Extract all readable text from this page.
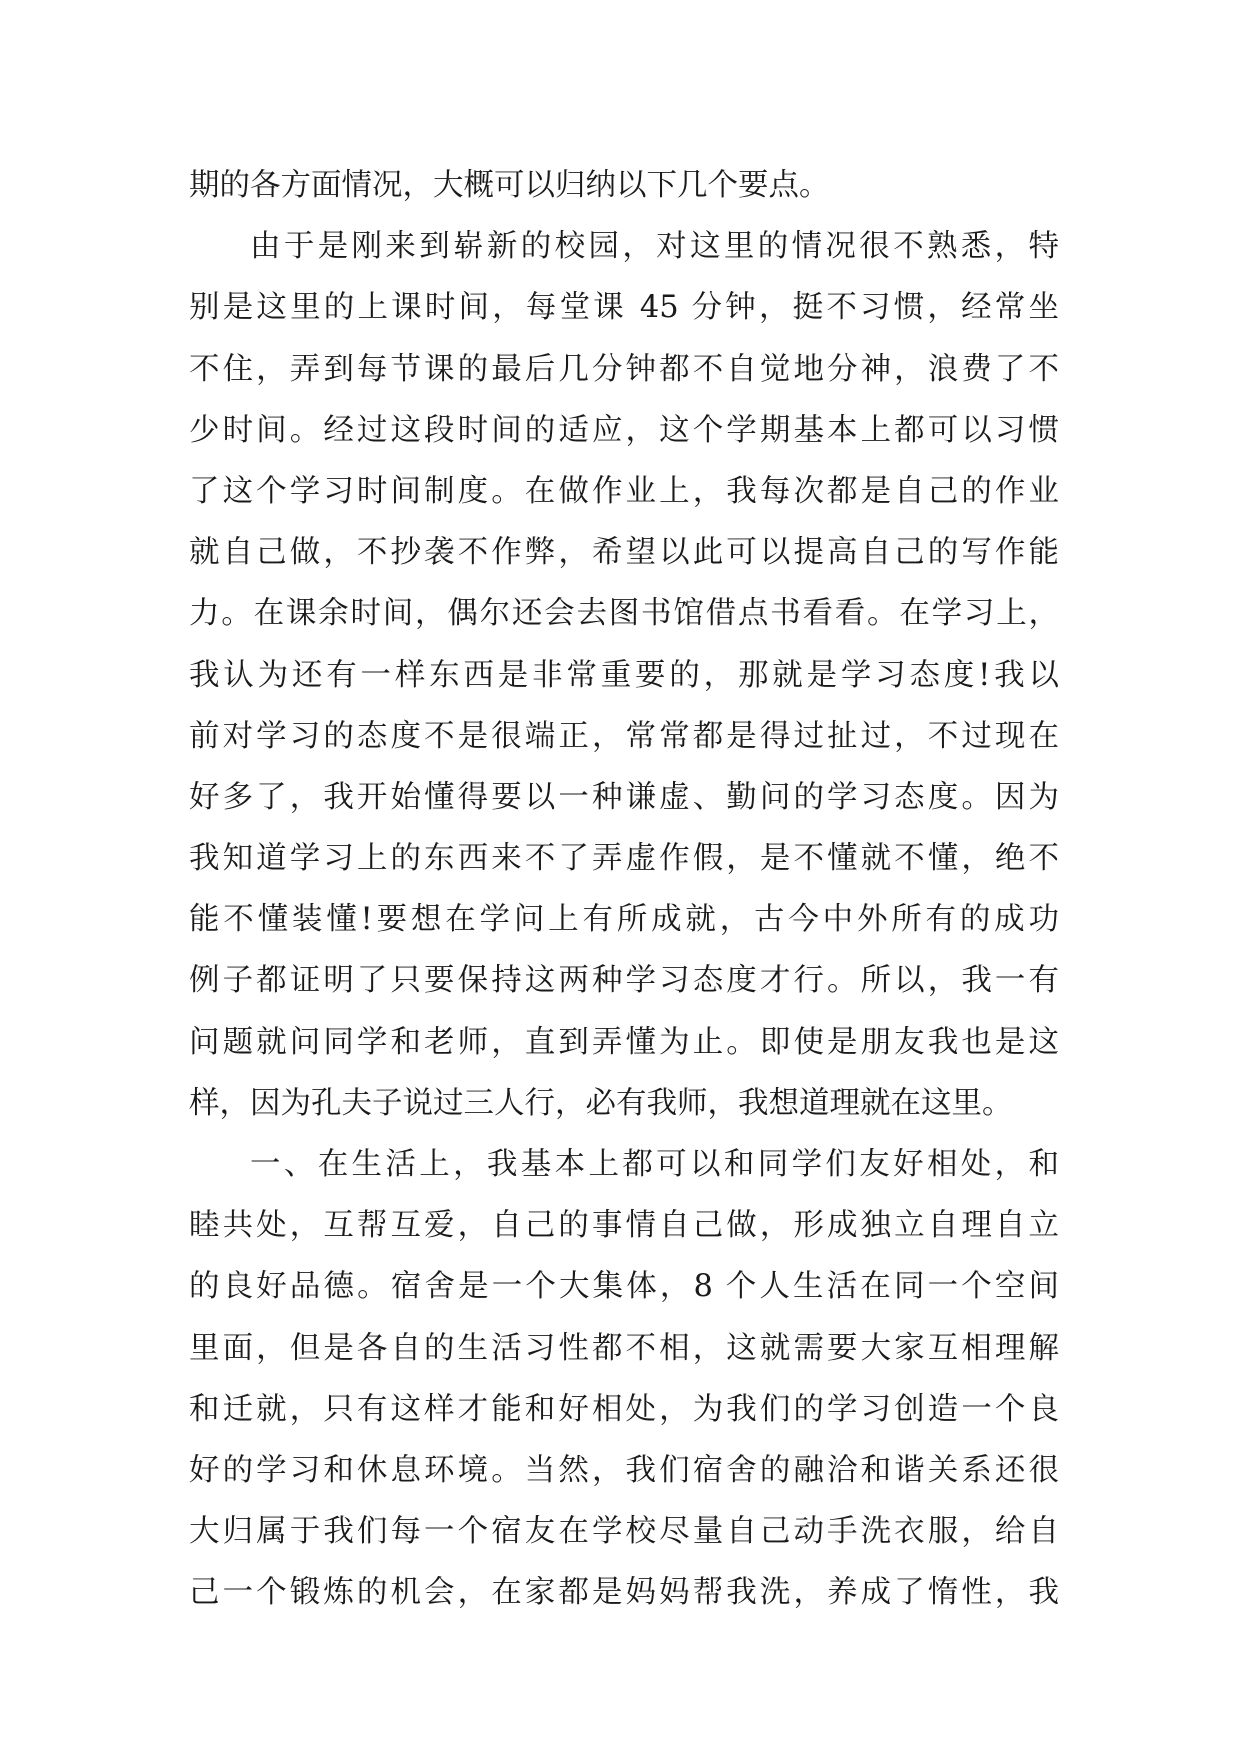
期的各方面情况，大概可以归纳以下几个要点。
由于是刚来到崭新的校园，对这里的情况很不熟悉，特
别是这里的上课时间，每堂课 45 分钟，挺不习惯，经常坐
不住，弄到每节课的最后几分钟都不自觉地分神，浪费了不
少时间。经过这段时间的适应，这个学期基本上都可以习惯
了这个学习时间制度。在做作业上，我每次都是自己的作业
就自己做，不抄袭不作弊，希望以此可以提高自己的写作能
力。在课余时间，偶尔还会去图书馆借点书看看。在学习上，
我认为还有一样东西是非常重要的，那就是学习态度!我以
前对学习的态度不是很端正，常常都是得过扯过，不过现在
好多了，我开始懂得要以一种谦虚、勤问的学习态度。因为
我知道学习上的东西来不了弄虚作假，是不懂就不懂，绝不
能不懂装懂!要想在学问上有所成就，古今中外所有的成功
例子都证明了只要保持这两种学习态度才行。所以，我一有
问题就问同学和老师，直到弄懂为止。即使是朋友我也是这
样，因为孔夫子说过三人行，必有我师，我想道理就在这里。
一、在生活上，我基本上都可以和同学们友好相处，和
睦共处，互帮互爱，自己的事情自己做，形成独立自理自立
的良好品德。宿舍是一个大集体，8 个人生活在同一个空间
里面，但是各自的生活习性都不相，这就需要大家互相理解
和迁就，只有这样才能和好相处，为我们的学习创造一个良
好的学习和休息环境。当然，我们宿舍的融洽和谐关系还很
大归属于我们每一个宿友在学校尽量自己动手洗衣服，给自
己一个锻炼的机会，在家都是妈妈帮我洗，养成了惰性，我
